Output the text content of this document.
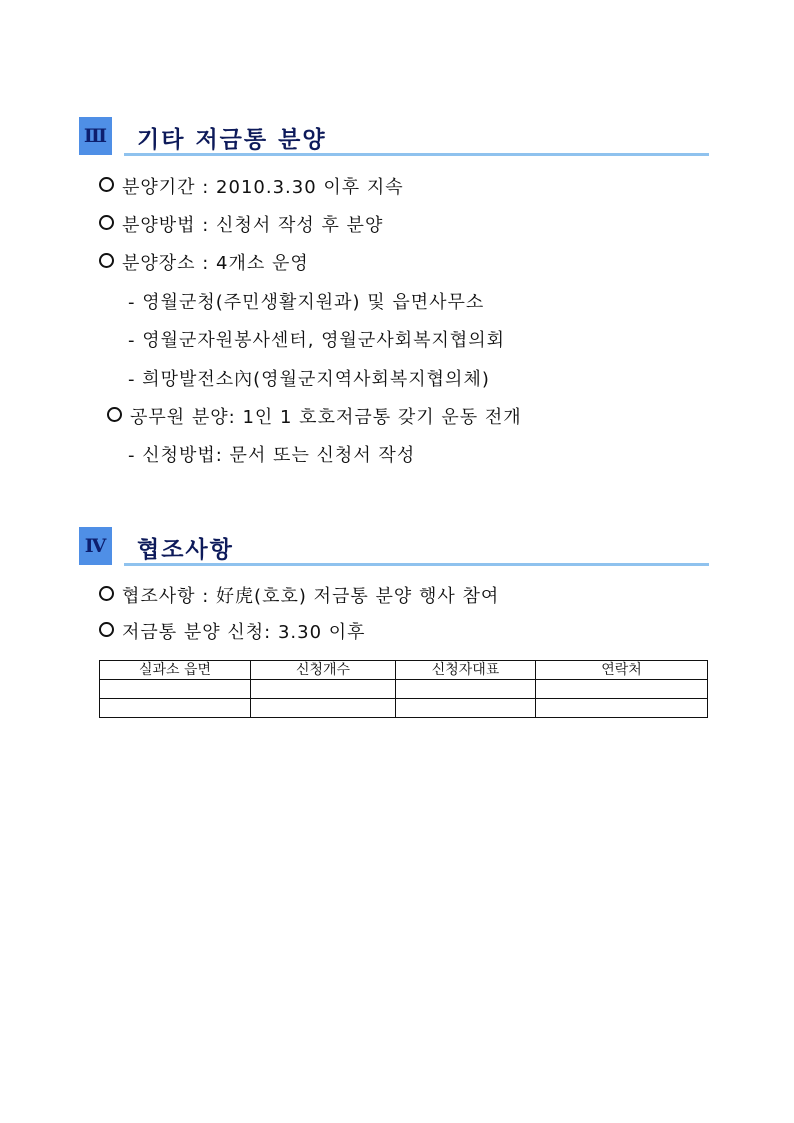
Ⅲ 기타 저금통 분양
분양기간 : 2010.3.30 이후 지속
분양방법 : 신청서 작성 후 분양
분양장소 : 4개소 운영
- 영월군청(주민생활지원과) 및 읍면사무소
- 영월군자원봉사센터, 영월군사회복지협의회
- 희망발전소內(영월군지역사회복지협의체)
공무원 분양: 1인 1 호호저금통 갖기 운동 전개
- 신청방법: 문서 또는 신청서 작성
Ⅳ 협조사항
협조사항 : 好虎(호호) 저금통 분양 행사 참여
저금통 분양 신청: 3.30 이후
실과소 읍면	신청개수	신청자대표	연락처
